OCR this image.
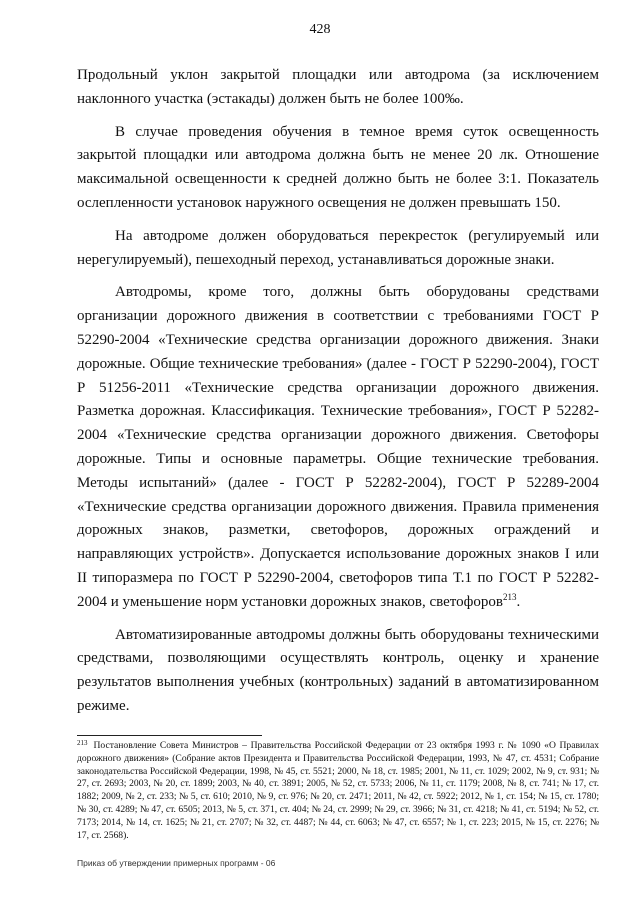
428

Продольный уклон закрытой площадки или автодрома (за исключением наклонного участка (эстакады) должен быть не более 100‰.

В случае проведения обучения в темное время суток освещенность закрытой площадки или автодрома должна быть не менее 20 лк. Отношение максимальной освещенности к средней должно быть не более 3:1. Показатель ослепленности установок наружного освещения не должен превышать 150.

На автодроме должен оборудоваться перекресток (регулируемый или нерегулируемый), пешеходный переход, устанавливаться дорожные знаки.

Автодромы, кроме того, должны быть оборудованы средствами организации дорожного движения в соответствии с требованиями ГОСТ Р 52290-2004 «Технические средства организации дорожного движения. Знаки дорожные. Общие технические требования» (далее - ГОСТ Р 52290-2004), ГОСТ Р 51256-2011 «Технические средства организации дорожного движения. Разметка дорожная. Классификация. Технические требования», ГОСТ Р 52282-2004 «Технические средства организации дорожного движения. Светофоры дорожные. Типы и основные параметры. Общие технические требования. Методы испытаний» (далее - ГОСТ Р 52282-2004), ГОСТ Р 52289-2004 «Технические средства организации дорожного движения. Правила применения дорожных знаков, разметки, светофоров, дорожных ограждений и направляющих устройств». Допускается использование дорожных знаков I или II типоразмера по ГОСТ Р 52290-2004, светофоров типа Т.1 по ГОСТ Р 52282-2004 и уменьшение норм установки дорожных знаков, светофоров$^{213}$.

Автоматизированные автодромы должны быть оборудованы техническими средствами, позволяющими осуществлять контроль, оценку и хранение результатов выполнения учебных (контрольных) заданий в автоматизированном режиме.

$^{213}$ Постановление Совета Министров – Правительства Российской Федерации от 23 октября 1993 г. № 1090 «О Правилах дорожного движения» (Собрание актов Президента и Правительства Российской Федерации, 1993, № 47, ст. 4531; Собрание законодательства Российской Федерации, 1998, № 45, ст. 5521; 2000, № 18, ст. 1985; 2001, № 11, ст. 1029; 2002, № 9, ст. 931; № 27, ст. 2693; 2003, № 20, ст. 1899; 2003, № 40, ст. 3891; 2005, № 52, ст. 5733; 2006, № 11, ст. 1179; 2008, № 8, ст. 741; № 17, ст. 1882; 2009, № 2, ст. 233; № 5, ст. 610; 2010, № 9, ст. 976; № 20, ст. 2471; 2011, № 42, ст. 5922; 2012, № 1, ст. 154; № 15, ст. 1780; № 30, ст. 4289; № 47, ст. 6505; 2013, № 5, ст. 371, ст. 404; № 24, ст. 2999; № 29, ст. 3966; № 31, ст. 4218; № 41, ст. 5194; № 52, ст. 7173; 2014, № 14, ст. 1625; № 21, ст. 2707; № 32, ст. 4487; № 44, ст. 6063; № 47, ст. 6557; № 1, ст. 223; 2015, № 15, ст. 2276; № 17, ст. 2568).
Приказ об утверждении примерных программ - 06
